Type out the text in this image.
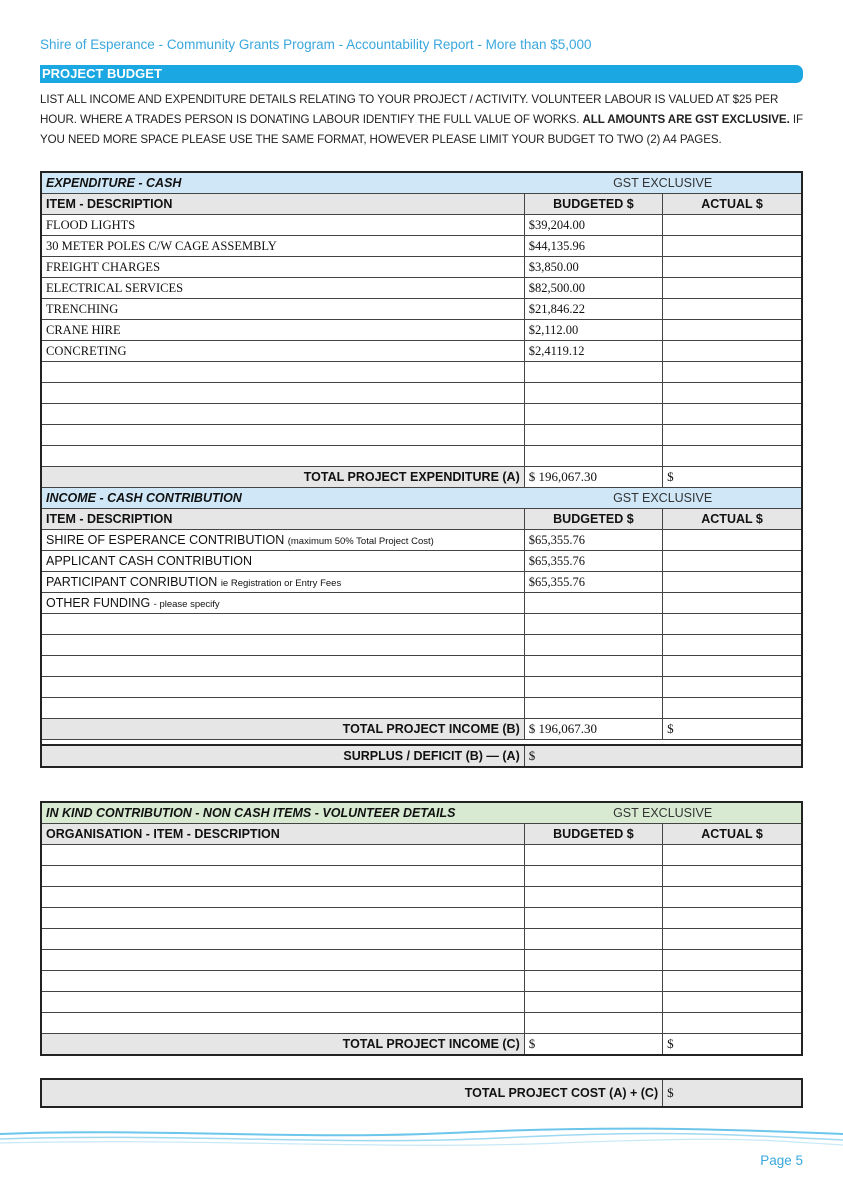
Shire of Esperance - Community Grants Program - Accountability Report - More than $5,000
PROJECT BUDGET
LIST ALL INCOME AND EXPENDITURE DETAILS RELATING TO YOUR PROJECT / ACTIVITY. VOLUNTEER LABOUR IS VALUED AT $25 PER HOUR. WHERE A TRADES PERSON IS DONATING LABOUR IDENTIFY THE FULL VALUE OF WORKS. ALL AMOUNTS ARE GST EXCLUSIVE. IF YOU NEED MORE SPACE PLEASE USE THE SAME FORMAT, HOWEVER PLEASE LIMIT YOUR BUDGET TO TWO (2) A4 PAGES.
EXPENDITURE - CASH	GST EXCLUSIVE	
ITEM - DESCRIPTION	BUDGETED $	ACTUAL $
FLOOD LIGHTS	$39,204.00	
30 METER POLES C/W CAGE ASSEMBLY	$44,135.96	
FREIGHT CHARGES	$3,850.00	
ELECTRICAL SERVICES	$82,500.00	
TRENCHING	$21,846.22	
CRANE HIRE	$2,112.00	
CONCRETING	$2,4119.12	

TOTAL PROJECT EXPENDITURE (A)	$ 196,067.30	$
INCOME - CASH CONTRIBUTION	GST EXCLUSIVE	
ITEM - DESCRIPTION	BUDGETED $	ACTUAL $
SHIRE OF ESPERANCE CONTRIBUTION (maximum 50% Total Project Cost)	$65,355.76	
APPLICANT CASH CONTRIBUTION	$65,355.76	
PARTICIPANT CONRIBUTION ie Registration or Entry Fees	$65,355.76	
OTHER FUNDING - please specify		

TOTAL PROJECT INCOME (B)	$ 196,067.30	$

SURPLUS / DEFICIT (B) — (A)	$	
IN KIND CONTRIBUTION - NON CASH ITEMS - VOLUNTEER DETAILS	GST EXCLUSIVE	
ORGANISATION - ITEM - DESCRIPTION	BUDGETED $	ACTUAL $

TOTAL PROJECT INCOME (C)	$	$
TOTAL PROJECT COST (A) + (C)	$
Page 5
